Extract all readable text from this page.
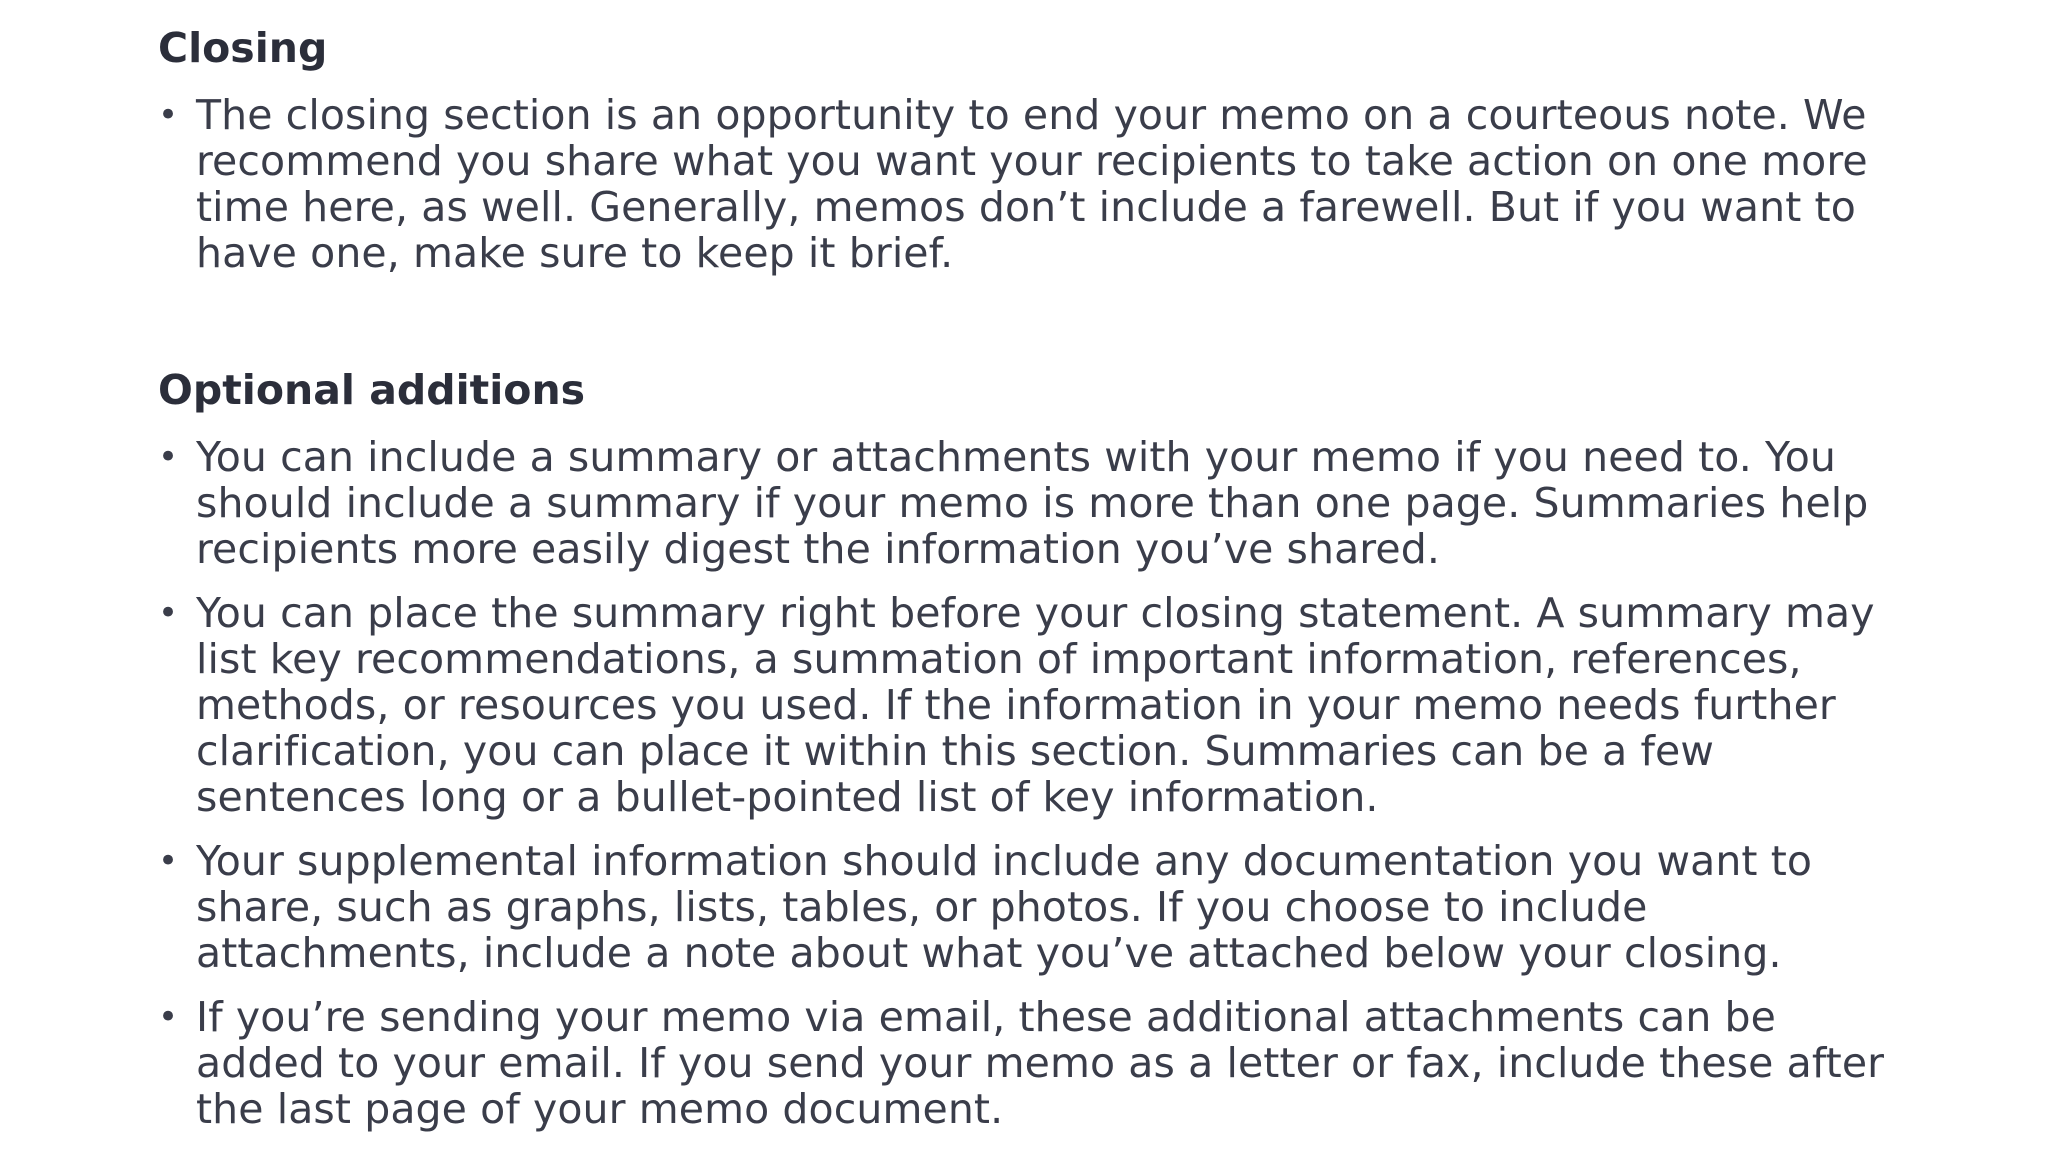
Closing
• The closing section is an opportunity to end your memo on a courteous note. We recommend you share what you want your recipients to take action on one more time here, as well. Generally, memos don’t include a farewell. But if you want to have one, make sure to keep it brief.
Optional additions
• You can include a summary or attachments with your memo if you need to. You should include a summary if your memo is more than one page. Summaries help recipients more easily digest the information you’ve shared.
• You can place the summary right before your closing statement. A summary may list key recommendations, a summation of important information, references, methods, or resources you used. If the information in your memo needs further clarification, you can place it within this section. Summaries can be a few sentences long or a bullet-pointed list of key information.
• Your supplemental information should include any documentation you want to share, such as graphs, lists, tables, or photos. If you choose to include attachments, include a note about what you’ve attached below your closing.
• If you’re sending your memo via email, these additional attachments can be added to your email. If you send your memo as a letter or fax, include these after the last page of your memo document.
